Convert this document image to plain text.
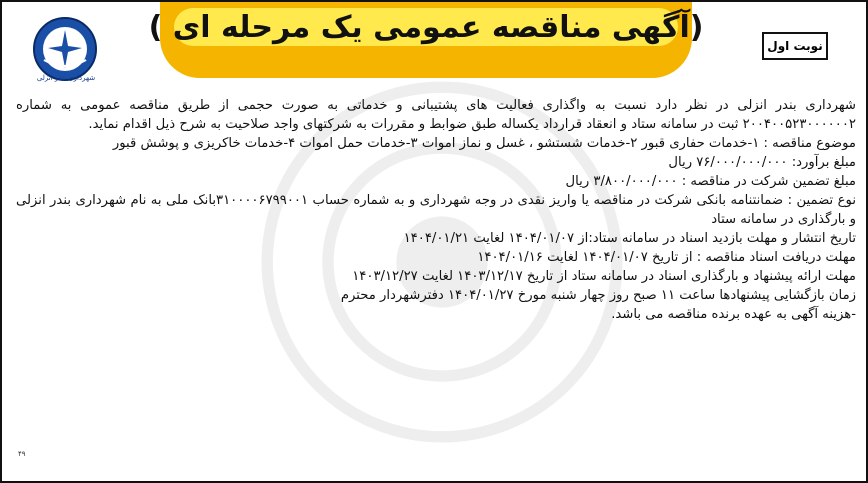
(آگهی مناقصه عمومی یک مرحله ای )
نوبت اول
شهرداری بندر انزلی

شهرداری بندر انزلی در نظر دارد نسبت به واگذاری فعالیت های پشتیبانی و خدماتی به صورت حجمی از طریق مناقصه عمومی به شماره ۲۰۰۴۰۰۵۲۳۰۰۰۰۰۰۲ ثبت در سامانه ستاد و انعقاد قرارداد یکساله طبق ضوابط و مقررات به شرکتهای واجد صلاحیت به شرح ذیل اقدام نماید.

موضوع مناقصه : ۱-خدمات حفاری قبور ۲-خدمات شستشو ، غسل و نماز اموات ۳-خدمات حمل اموات ۴-خدمات خاکریزی و پوشش قبور

مبلغ برآورد: ۷۶/۰۰۰/۰۰۰/۰۰۰ ریال

مبلغ تضمین شرکت در مناقصه : ۳/۸۰۰/۰۰۰/۰۰۰ ریال

نوع تضمین : ضمانتنامه بانکی شرکت در مناقصه یا واریز نقدی در وجه شهرداری و به شماره حساب ۳۱۰۰۰۰۶۷۹۹۰۰۱بانک ملی به نام شهرداری بندر انزلی و بارگذاری در سامانه ستاد

تاریخ انتشار و مهلت بازدید اسناد در سامانه ستاد:از ۱۴۰۴/۰۱/۰۷ لغایت ۱۴۰۴/۰۱/۲۱

مهلت دریافت اسناد مناقصه : از تاریخ ۱۴۰۴/۰۱/۰۷ لغایت ۱۴۰۴/۰۱/۱۶

مهلت ارائه پیشنهاد و بارگذاری اسناد در سامانه ستاد از تاریخ ۱۴۰۳/۱۲/۱۷ لغایت ۱۴۰۳/۱۲/۲۷

زمان بازگشایی پیشنهادها ساعت ۱۱ صبح روز چهار شنبه مورخ ۱۴۰۴/۰۱/۲۷ دفترشهردار محترم

-هزینه آگهی به عهده برنده مناقصه می باشد.

۴۹
